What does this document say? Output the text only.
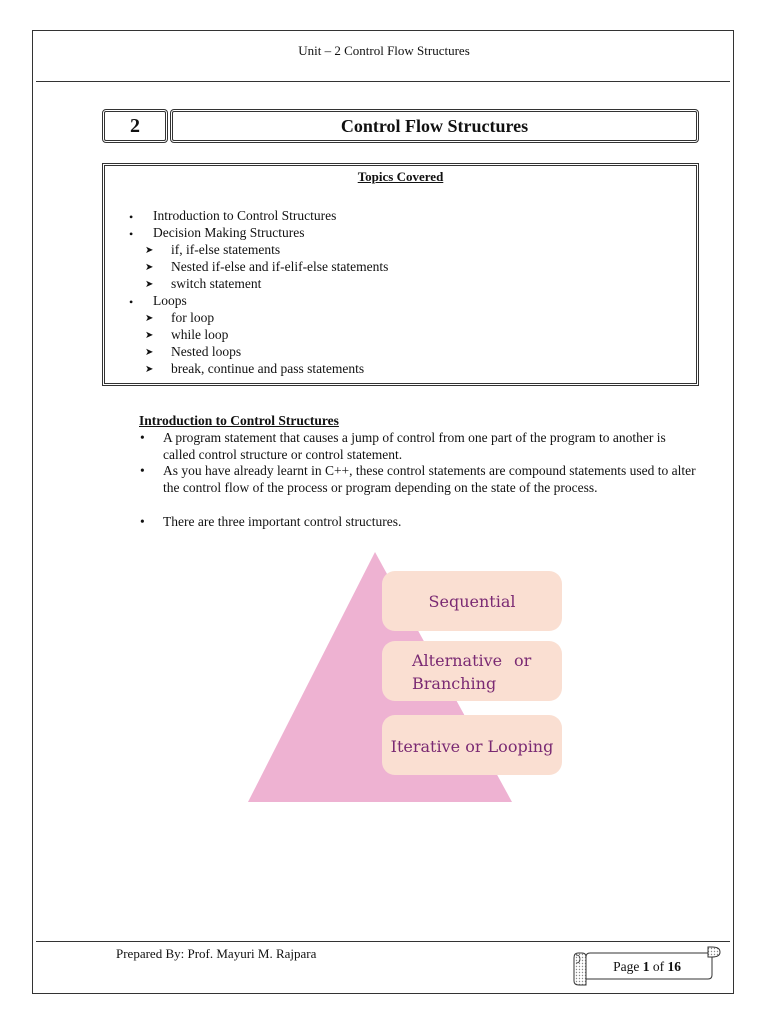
Unit – 2 Control Flow Structures
2	Control Flow Structures
Topics Covered
• Introduction to Control Structures
• Decision Making Structures
➤ if, if-else statements
➤ Nested if-else and if-elif-else statements
➤ switch statement
• Loops
➤ for loop
➤ while loop
➤ Nested loops
➤ break, continue and pass statements
Introduction to Control Structures
• A program statement that causes a jump of control from one part of the program to another is called control structure or control statement.
• As you have already learnt in C++, these control statements are compound statements used to alter the control flow of the process or program depending on the state of the process.
• There are three important control structures.
Sequential
Alternative or
Branching
Iterative or Looping
Prepared By: Prof. Mayuri M. Rajpara
Page 1 of 16
